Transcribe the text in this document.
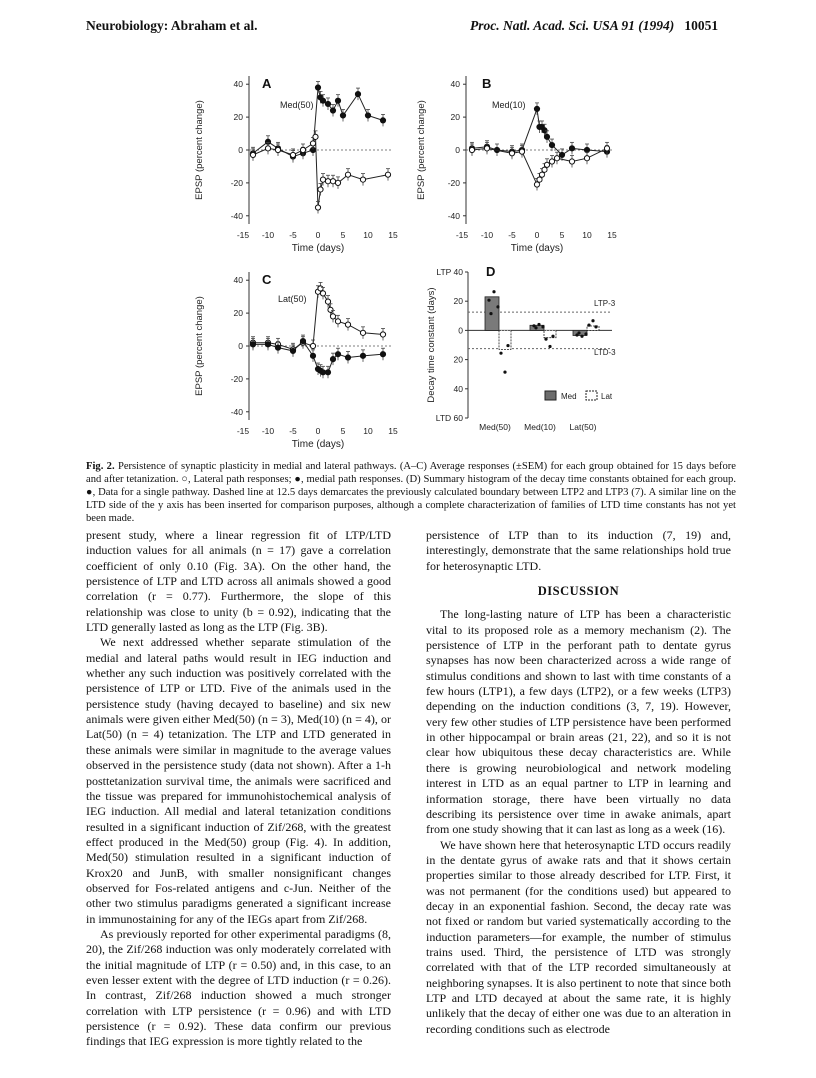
Neurobiology: Abraham et al.	Proc. Natl. Acad. Sci. USA 91 (1994) 10051
A
Med(50)
40
20
0
-20
-40
-15 -10 -5 0 5 10 15
Time (days)
EPSP (percent change)
B
Med(10)
40
20
0
-20
-40
-15 -10 -5 0 5 10 15
Time (days)
EPSP (percent change)
C
Lat(50)
40
20
0
-20
-40
-15 -10 -5 0 5 10 15
Time (days)
EPSP (percent change)
D
LTP 40
20
0
20
40
LTD 60
Decay time constant (days)
Med(50) Med(10) Lat(50)
LTP-3
LTD-3
Med	Lat
Fig. 2. Persistence of synaptic plasticity in medial and lateral pathways. (A–C) Average responses (±SEM) for each group obtained for 15 days before and after tetanization. ○, Lateral path responses; ●, medial path responses. (D) Summary histogram of the decay time constants obtained for each group. ●, Data for a single pathway. Dashed line at 12.5 days demarcates the previously calculated boundary between LTP2 and LTP3 (7). A similar line on the LTD side of the y axis has been inserted for comparison purposes, although a complete characterization of families of LTD time constants has not yet been made.

present study, where a linear regression fit of LTP/LTD induction values for all animals (n = 17) gave a correlation coefficient of only 0.10 (Fig. 3A). On the other hand, the persistence of LTP and LTD across all animals showed a good correlation (r = 0.77). Furthermore, the slope of this relationship was close to unity (b = 0.92), indicating that the LTD generally lasted as long as the LTP (Fig. 3B).

We next addressed whether separate stimulation of the medial and lateral paths would result in IEG induction and whether any such induction was positively correlated with the persistence of LTP or LTD. Five of the animals used in the persistence study (having decayed to baseline) and six new animals were given either Med(50) (n = 3), Med(10) (n = 4), or Lat(50) (n = 4) tetanization. The LTP and LTD generated in these animals were similar in magnitude to the average values observed in the persistence study (data not shown). After a 1-h posttetanization survival time, the animals were sacrificed and the tissue was prepared for immunohistochemical analysis of IEG induction. All medial and lateral tetanization conditions resulted in a significant induction of Zif/268, with the greatest effect produced in the Med(50) group (Fig. 4). In addition, Med(50) stimulation resulted in a significant induction of Krox20 and JunB, with smaller nonsignificant changes observed for Fos-related antigens and c-Jun. Neither of the other two stimulus paradigms generated a significant increase in immunostaining for any of the IEGs apart from Zif/268.

As previously reported for other experimental paradigms (8, 20), the Zif/268 induction was only moderately correlated with the initial magnitude of LTP (r = 0.50) and, in this case, to an even lesser extent with the degree of LTD induction (r = 0.26). In contrast, Zif/268 induction showed a much stronger correlation with LTP persistence (r = 0.96) and with LTD persistence (r = 0.92). These data confirm our previous findings that IEG expression is more tightly related to the

persistence of LTP than to its induction (7, 19) and, interestingly, demonstrate that the same relationships hold true for heterosynaptic LTD.

DISCUSSION

The long-lasting nature of LTP has been a characteristic vital to its proposed role as a memory mechanism (2). The persistence of LTP in the perforant path to dentate gyrus synapses has now been characterized across a wide range of stimulus conditions and shown to last with time constants of a few hours (LTP1), a few days (LTP2), or a few weeks (LTP3) depending on the induction conditions (3, 7, 19). However, very few other studies of LTP persistence have been performed in other hippocampal or brain areas (21, 22), and so it is not clear how ubiquitous these decay characteristics are. While there is growing neurobiological and network modeling interest in LTD as an equal partner to LTP in learning and information storage, there have been virtually no data describing its persistence over time in awake animals, apart from one study showing that it can last as long as a week (16).

We have shown here that heterosynaptic LTD occurs readily in the dentate gyrus of awake rats and that it shows certain properties similar to those already described for LTP. First, it was not permanent (for the conditions used) but appeared to decay in an exponential fashion. Second, the decay rate was not fixed or random but varied systematically according to the induction parameters—for example, the number of stimulus trains used. Third, the persistence of LTD was strongly correlated with that of the LTP recorded simultaneously at neighboring synapses. It is also pertinent to note that since both LTP and LTD decayed at about the same rate, it is highly unlikely that the decay of either one was due to an alteration in recording conditions such as electrode
